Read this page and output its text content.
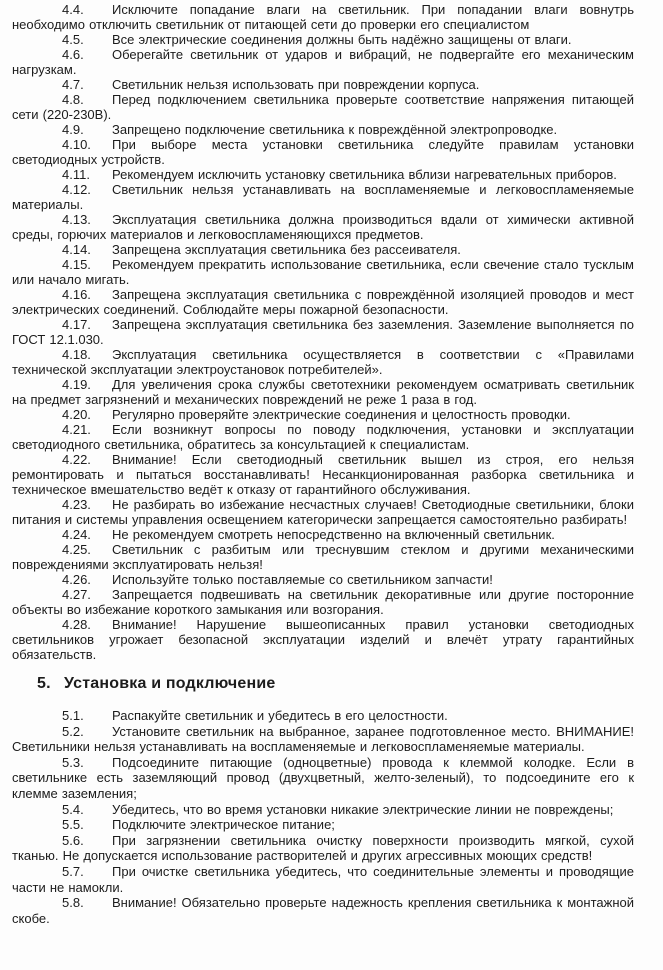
4.4. Исключите попадание влаги на светильник. При попадании влаги вовнутрь необходимо отключить светильник от питающей сети до проверки его специалистом

4.5. Все электрические соединения должны быть надёжно защищены от влаги.

4.6. Оберегайте светильник от ударов и вибраций, не подвергайте его механическим нагрузкам.

4.7. Светильник нельзя использовать при повреждении корпуса.

4.8. Перед подключением светильника проверьте соответствие напряжения питающей сети (220-230В).

4.9. Запрещено подключение светильника к повреждённой электропроводке.

4.10. При выборе места установки светильника следуйте правилам установки светодиодных устройств.

4.11. Рекомендуем исключить установку светильника вблизи нагревательных приборов.

4.12. Светильник нельзя устанавливать на воспламеняемые и легковоспламеняемые материалы.

4.13. Эксплуатация светильника должна производиться вдали от химически активной среды, горючих материалов и легковоспламеняющихся предметов.

4.14. Запрещена эксплуатация светильника без рассеивателя.

4.15. Рекомендуем прекратить использование светильника, если свечение стало тусклым или начало мигать.

4.16. Запрещена эксплуатация светильника с повреждённой изоляцией проводов и мест электрических соединений. Соблюдайте меры пожарной безопасности.

4.17. Запрещена эксплуатация светильника без заземления. Заземление выполняется по ГОСТ 12.1.030.

4.18. Эксплуатация светильника осуществляется в соответствии с «Правилами технической эксплуатации электроустановок потребителей».

4.19. Для увеличения срока службы светотехники рекомендуем осматривать светильник на предмет загрязнений и механических повреждений не реже 1 раза в год.

4.20. Регулярно проверяйте электрические соединения и целостность проводки.

4.21. Если возникнут вопросы по поводу подключения, установки и эксплуатации светодиодного светильника, обратитесь за консультацией к специалистам.

4.22. Внимание! Если светодиодный светильник вышел из строя, его нельзя ремонтировать и пытаться восстанавливать! Несанкционированная разборка светильника и техническое вмешательство ведёт к отказу от гарантийного обслуживания.

4.23. Не разбирать во избежание несчастных случаев! Светодиодные светильники, блоки питания и системы управления освещением категорически запрещается самостоятельно разбирать!

4.24. Не рекомендуем смотреть непосредственно на включенный светильник.

4.25. Светильник с разбитым или треснувшим стеклом и другими механическими повреждениями эксплуатировать нельзя!

4.26. Используйте только поставляемые со светильником запчасти!

4.27. Запрещается подвешивать на светильник декоративные или другие посторонние объекты во избежание короткого замыкания или возгорания.

4.28. Внимание! Нарушение вышеописанных правил установки светодиодных светильников угрожает безопасной эксплуатации изделий и влечёт утрату гарантийных обязательств.

5. Установка и подключение

5.1. Распакуйте светильник и убедитесь в его целостности.

5.2. Установите светильник на выбранное, заранее подготовленное место. ВНИМАНИЕ! Светильники нельзя устанавливать на воспламеняемые и легковоспламеняемые материалы.

5.3. Подсоедините питающие (одноцветные) провода к клеммой колодке. Если в светильнике есть заземляющий провод (двухцветный, желто-зеленый), то подсоедините его к клемме заземления;

5.4. Убедитесь, что во время установки никакие электрические линии не повреждены;

5.5. Подключите электрическое питание;

5.6. При загрязнении светильника очистку поверхности производить мягкой, сухой тканью. Не допускается использование растворителей и других агрессивных моющих средств!

5.7. При очистке светильника убедитесь, что соединительные элементы и проводящие части не намокли.

5.8. Внимание! Обязательно проверьте надежность крепления светильника к монтажной скобе.
